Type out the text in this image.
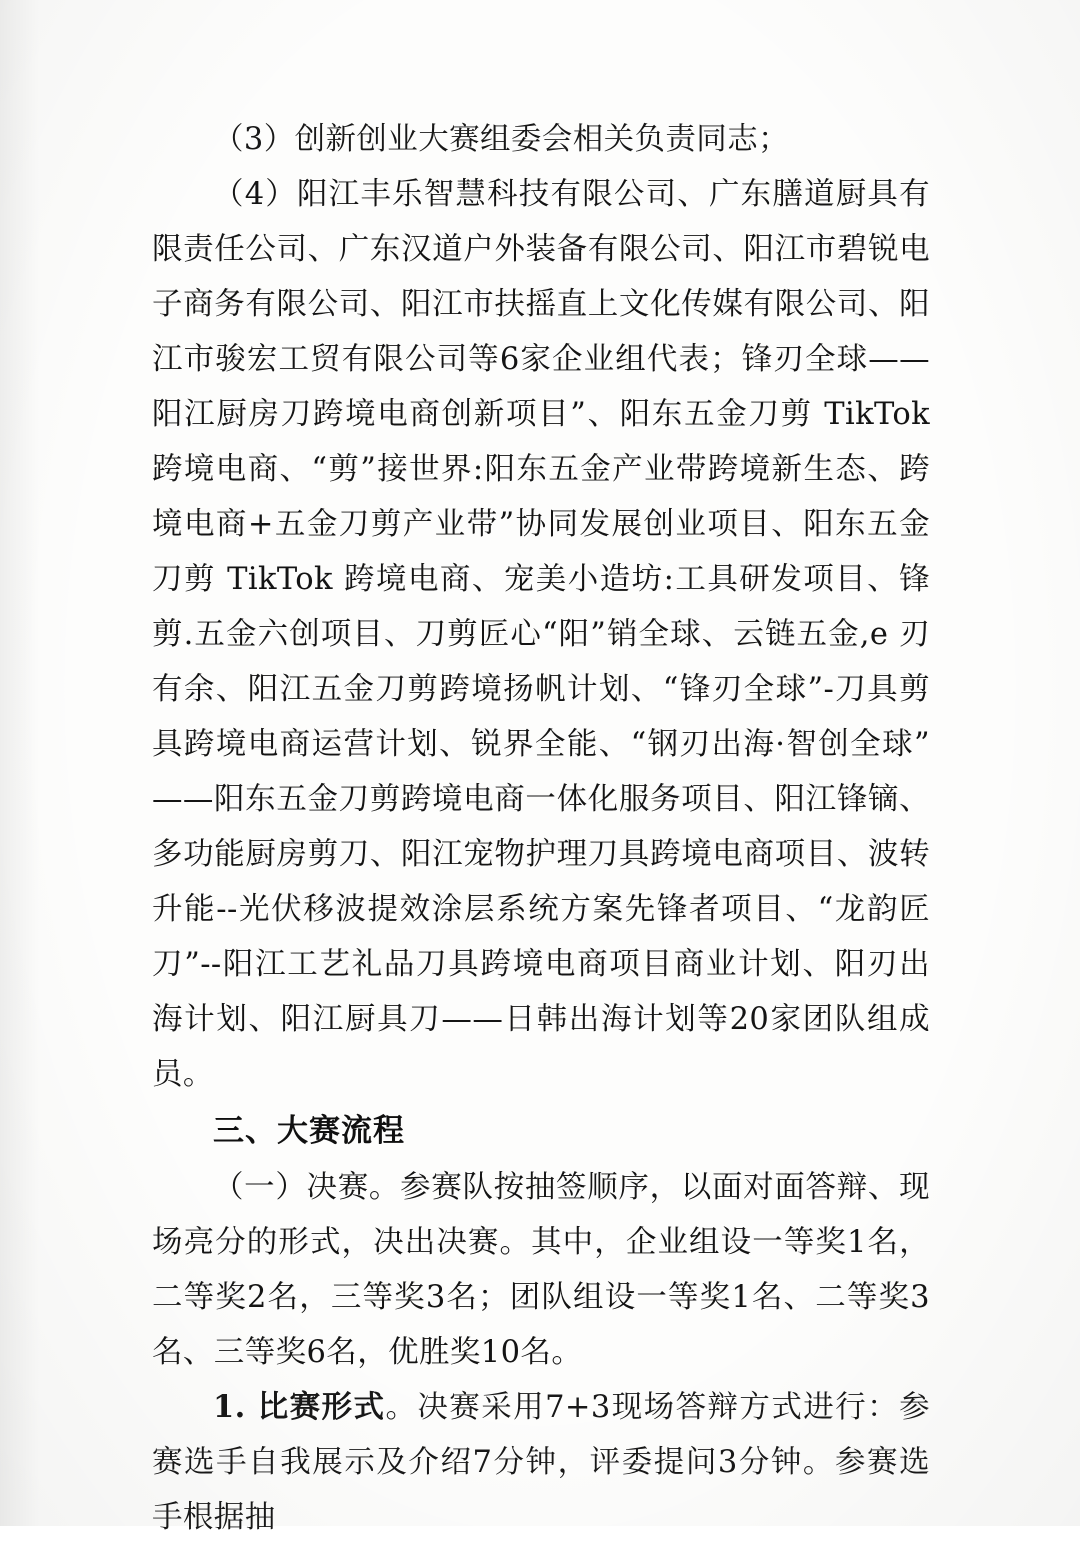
（3）创新创业大赛组委会相关负责同志；

（4）阳江丰乐智慧科技有限公司、广东膳道厨具有限责任公司、广东汉道户外装备有限公司、阳江市碧锐电子商务有限公司、阳江市扶摇直上文化传媒有限公司、阳江市骏宏工贸有限公司等6家企业组代表；锋刃全球——阳江厨房刀跨境电商创新项目”、阳东五金刀剪 TikTok 跨境电商、“剪”接世界:阳东五金产业带跨境新生态、跨境电商+五金刀剪产业带”协同发展创业项目、阳东五金刀剪 TikTok 跨境电商、宠美小造坊:工具研发项目、锋剪.五金六创项目、刀剪匠心“阳”销全球、云链五金,e 刃有余、阳江五金刀剪跨境扬帆计划、“锋刃全球”-刀具剪具跨境电商运营计划、锐界全能、“钢刃出海·智创全球”——阳东五金刀剪跨境电商一体化服务项目、阳江锋镝、多功能厨房剪刀、阳江宠物护理刀具跨境电商项目、波转升能--光伏移波提效涂层系统方案先锋者项目、“龙韵匠刀”--阳江工艺礼品刀具跨境电商项目商业计划、阳刃出海计划、阳江厨具刀——日韩出海计划等20家团队组成员。

三、大赛流程

（一）决赛。参赛队按抽签顺序，以面对面答辩、现场亮分的形式，决出决赛。其中，企业组设一等奖1名，二等奖2名，三等奖3名；团队组设一等奖1名、二等奖3名、三等奖6名，优胜奖10名。

1. 比赛形式。决赛采用7+3现场答辩方式进行：参赛选手自我展示及介绍7分钟，评委提问3分钟。参赛选手根据抽
